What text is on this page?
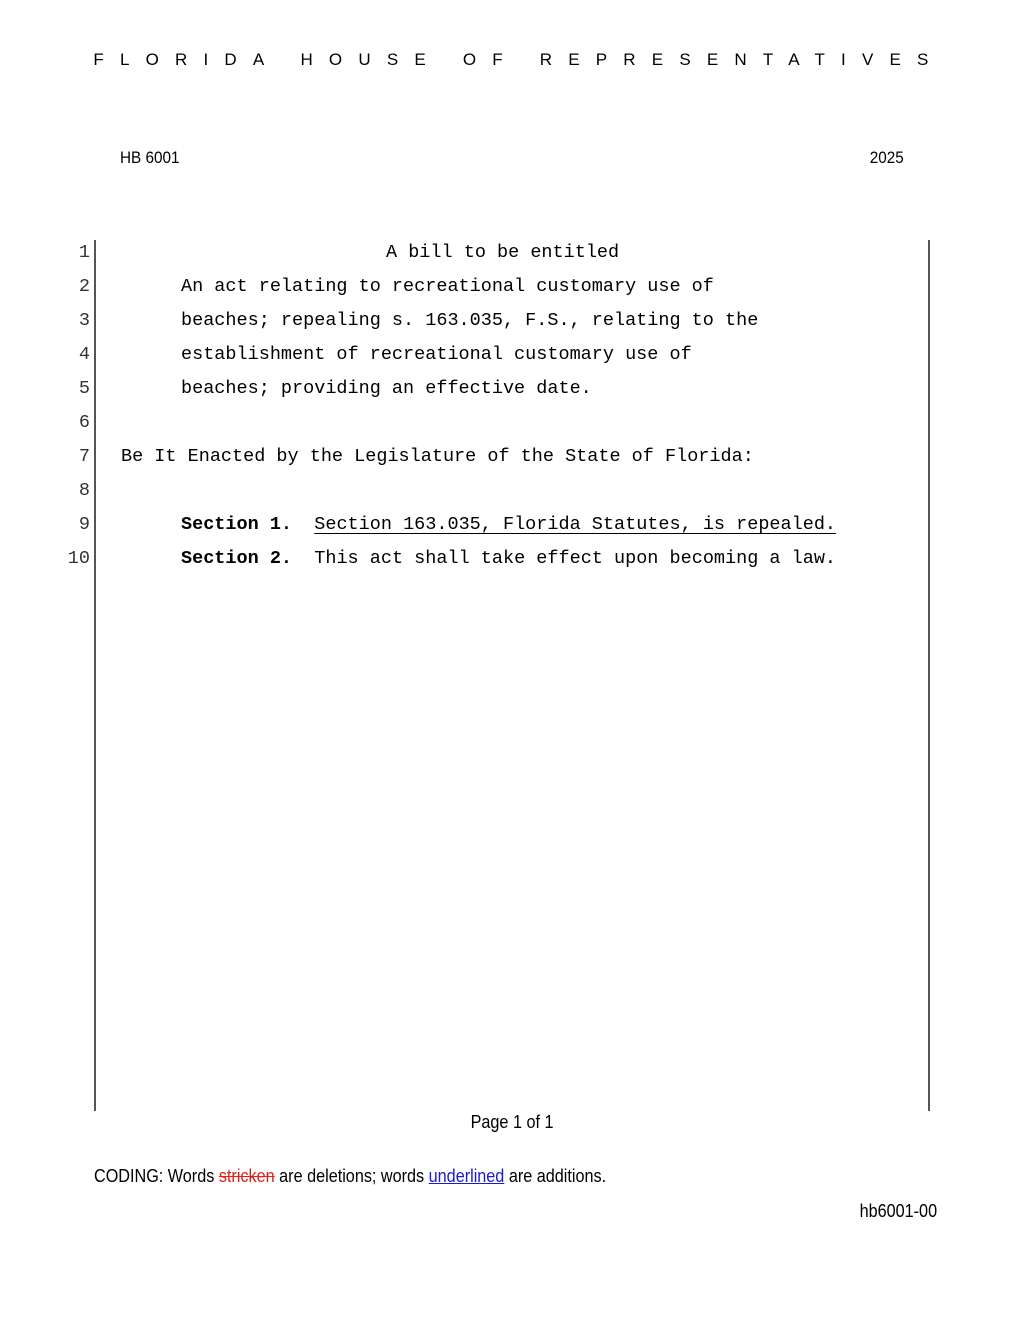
FLORIDA HOUSE OF REPRESENTATIVES
HB 6001	2025

1

	A bill to be entitled

2

	An act relating to recreational customary use of

3

	beaches; repealing s. 163.035, F.S., relating to the

4

	establishment of recreational customary use of

5

	beaches; providing an effective date.

6

7

Be It Enacted by the Legislature of the State of Florida:

8

9

	Section 1. Section 163.035, Florida Statutes, is repealed.

10

	Section 2. This act shall take effect upon becoming a law.

Page 1 of 1
CODING: Words stricken are deletions; words underlined are additions.
hb6001-00
